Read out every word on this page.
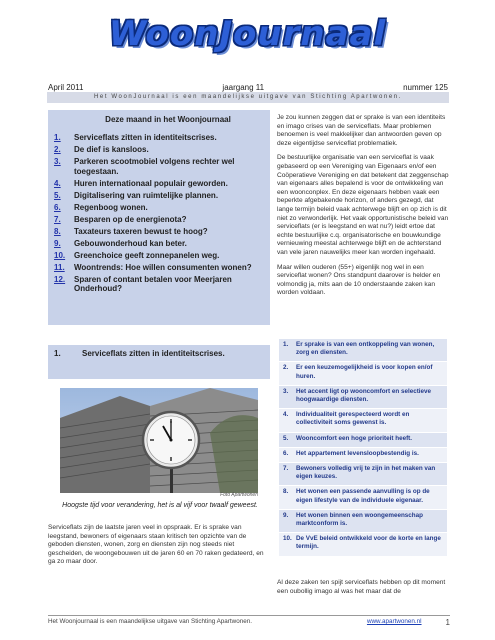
WoonJournaal
April 2011	jaargang 11	nummer 125
Het WoonJournaal is een maandelijkse uitgave van Stichting Apartwonen.
Deze maand in het Woonjournaal
1.	Serviceflats zitten in identiteitscrises.
2.	De dief is kansloos.
3.	Parkeren scootmobiel volgens rechter wel toegestaan.
4.	Huren internationaal populair geworden.
5.	Digitalisering van ruimtelijke plannen.
6.	Regenboog wonen.
7.	Besparen op de energienota?
8.	Taxateurs taxeren bewust te hoog?
9.	Gebouwonderhoud kan beter.
10.	Greenchoice geeft zonnepanelen weg.
11.	Woontrends: Hoe willen consumenten wonen?
12.	Sparen of contant betalen voor Meerjaren Onderhoud?
1.	Serviceflats zitten in identiteitscrises.
Foto Apartwonen
Hoogste tijd voor verandering, het is al vijf voor twaalf geweest.
Serviceflats zijn de laatste jaren veel in opspraak. Er is sprake van leegstand, bewoners of eigenaars staan kritisch ten opzichte van de geboden diensten, wonen, zorg en diensten zijn nog steeds niet gescheiden, de woongebouwen uit de jaren 60 en 70 raken gedateerd, en ga zo maar door.

Je zou kunnen zeggen dat er sprake is van een identiteits en imago crises van de serviceflats. Maar problemen benoemen is veel makkelijker dan antwoorden geven op deze eigentijdse serviceflat problematiek.

De bestuurlijke organisatie van een serviceflat is vaak gebaseerd op een Vereniging van Eigenaars en/of een Coöperatieve Vereniging en dat betekent dat zeggenschap van eigenaars alles bepalend is voor de ontwikkeling van een woonconplex. En deze eigenaars hebben vaak een beperkte afgebakende horizon, of anders gezegd, dat lange termijn beleid vaak achterwege blijft en op zich is dit niet zo verwonderlijk. Het vaak opportunistische beleid van serviceflats (er is leegstand en wat nu?) leidt ertoe dat echte bestuurlijke c.q. organisatorische en bouwkundige vernieuwing meestal achterwege blijft en de achterstand van vele jaren nauwelijks meer kan worden ingehaald.

Maar willen ouderen (55+) eigenlijk nog wel in een serviceflat wonen? Ons standpunt daarover is helder en volmondig ja, mits aan de 10 onderstaande zaken kan worden voldaan.

1.	Er sprake is van een ontkoppeling van wonen, zorg en diensten.
2.	Er een keuzemogelijkheid is voor kopen en/of huren.
3.	Het accent ligt op wooncomfort en selectieve hoogwaardige diensten.
4.	Individualiteit gerespecteerd wordt en collectiviteit soms gewenst is.
5.	Wooncomfort een hoge prioriteit heeft.
6.	Het appartement levensloopbestendig is.
7.	Bewoners volledig vrij te zijn in het maken van eigen keuzes.
8.	Het wonen een passende aanvulling is op de eigen lifestyle van de individuele eigenaar.
9.	Het wonen binnen een woongemeenschap marktconform is.
10. De VvE beleid ontwikkeld voor de korte en lange termijn.

Al deze zaken ten spijt serviceflats hebben op dit moment een oubollig imago al was het maar dat de

Het Woonjournaal is een maandelijkse uitgave van Stichting Apartwonen.	www.apartwonen.nl	1
